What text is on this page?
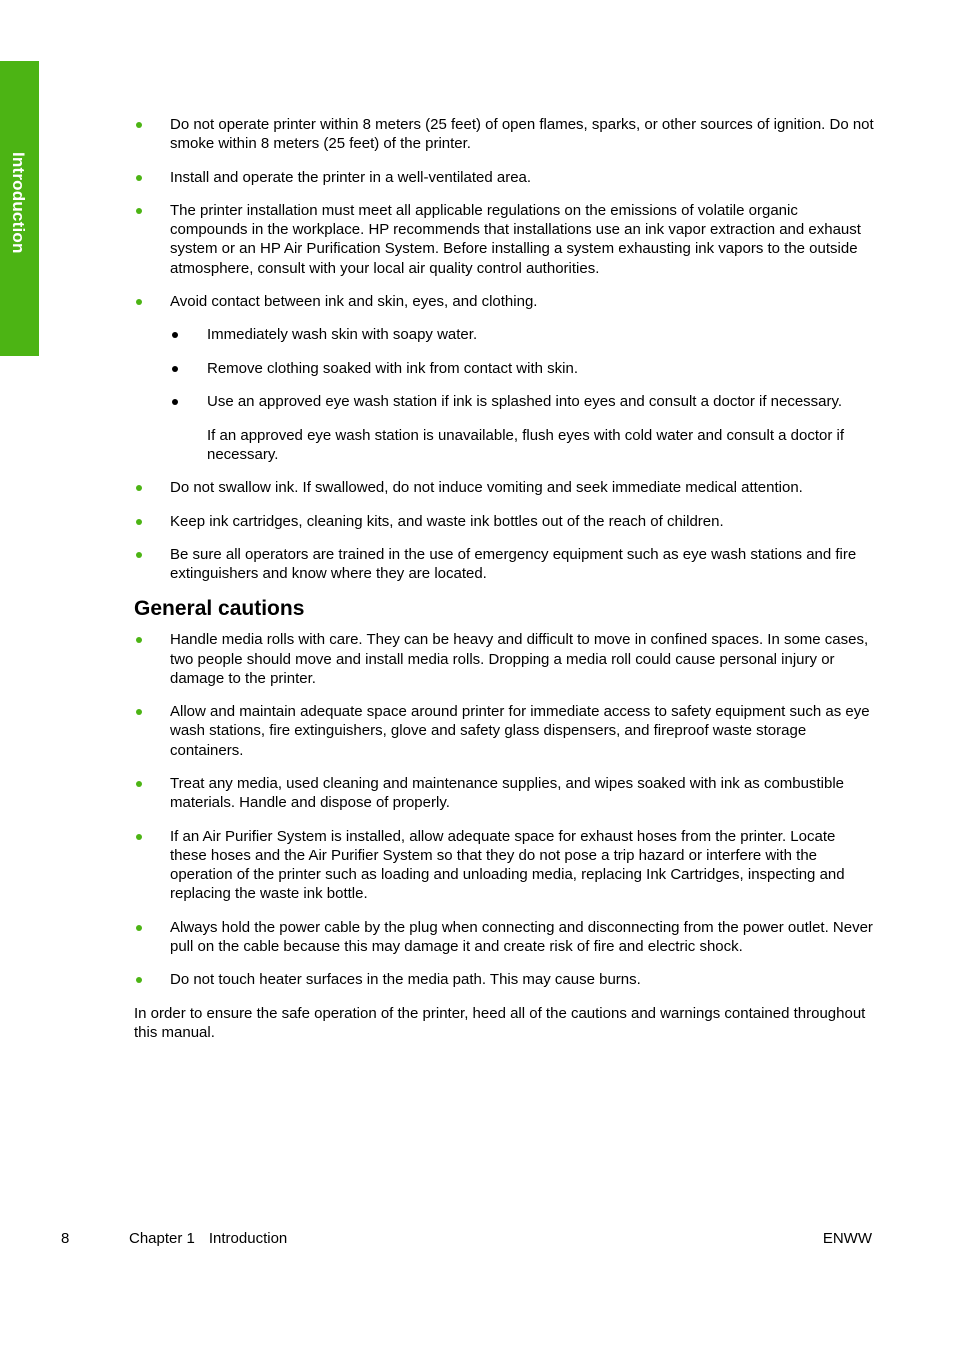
Introduction
Do not operate printer within 8 meters (25 feet) of open flames, sparks, or other sources of ignition. Do not smoke within 8 meters (25 feet) of the printer.
Install and operate the printer in a well-ventilated area.
The printer installation must meet all applicable regulations on the emissions of volatile organic compounds in the workplace. HP recommends that installations use an ink vapor extraction and exhaust system or an HP Air Purification System. Before installing a system exhausting ink vapors to the outside atmosphere, consult with your local air quality control authorities.
Avoid contact between ink and skin, eyes, and clothing.
Immediately wash skin with soapy water.
Remove clothing soaked with ink from contact with skin.
Use an approved eye wash station if ink is splashed into eyes and consult a doctor if necessary.
If an approved eye wash station is unavailable, flush eyes with cold water and consult a doctor if necessary.
Do not swallow ink. If swallowed, do not induce vomiting and seek immediate medical attention.
Keep ink cartridges, cleaning kits, and waste ink bottles out of the reach of children.
Be sure all operators are trained in the use of emergency equipment such as eye wash stations and fire extinguishers and know where they are located.
General cautions
Handle media rolls with care. They can be heavy and difficult to move in confined spaces. In some cases, two people should move and install media rolls. Dropping a media roll could cause personal injury or damage to the printer.
Allow and maintain adequate space around printer for immediate access to safety equipment such as eye wash stations, fire extinguishers, glove and safety glass dispensers, and fireproof waste storage containers.
Treat any media, used cleaning and maintenance supplies, and wipes soaked with ink as combustible materials. Handle and dispose of properly.
If an Air Purifier System is installed, allow adequate space for exhaust hoses from the printer. Locate these hoses and the Air Purifier System so that they do not pose a trip hazard or interfere with the operation of the printer such as loading and unloading media, replacing Ink Cartridges, inspecting and replacing the waste ink bottle.
Always hold the power cable by the plug when connecting and disconnecting from the power outlet. Never pull on the cable because this may damage it and create risk of fire and electric shock.
Do not touch heater surfaces in the media path. This may cause burns.

In order to ensure the safe operation of the printer, heed all of the cautions and warnings contained throughout this manual.

8	Chapter 1 Introduction	ENWW
